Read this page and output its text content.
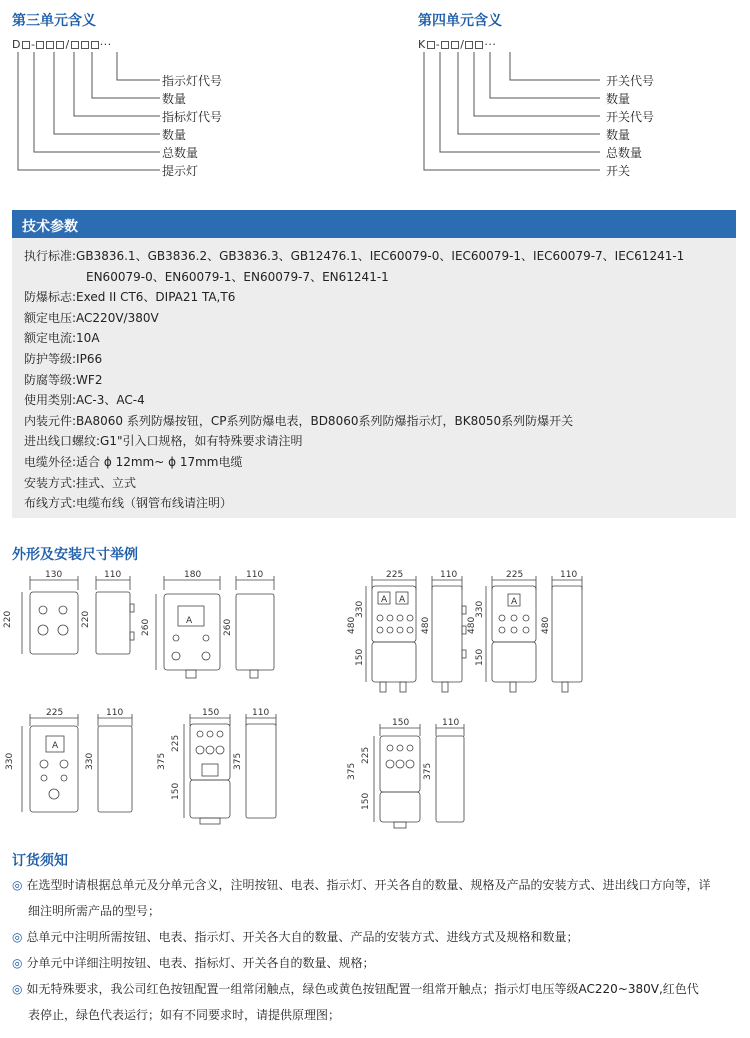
第三单元含义
D -	/	···
指示灯代号
数量
指标灯代号
数量
总数量
提示灯
第四单元含义
K - / ···
开关代号
数量
开关代号
数量
总数量
开关
技术参数
执行标准:GB3836.1、GB3836.2、GB3836.3、GB12476.1、IEC60079-0、IEC60079-1、IEC60079-7、IEC61241-1
EN60079-0、EN60079-1、EN60079-7、EN61241-1
防爆标志:Exed II CT6、DIPA21 TA,T6
额定电压:AC220V/380V
额定电流:10A
防护等级:IP66
防腐等级:WF2
使用类别:AC-3、AC-4
内装元件:BA8060 系列防爆按钮，CP系列防爆电表，BD8060系列防爆指示灯，BK8050系列防爆开关
进出线口螺纹:G1"引入口规格，如有特殊要求请注明
电缆外径:适合 ϕ 12mm~ ϕ 17mm电缆
安装方式:挂式、立式
布线方式:电缆布线（钢管布线请注明）
外形及安装尺寸举例
130	110
220	220
180	110
260	260
A
225	110
480
330
150
480
A A
225	110
480
330
150
480
A
225	110
330	330
A
150	110
375
225
150
375
150	110
375
225
150
375
订货须知
◎ 在选型时请根据总单元及分单元含义，注明按钮、电表、指示灯、开关各自的数量、规格及产品的安装方式、进出线口方向等，详
细注明所需产品的型号；
◎ 总单元中注明所需按钮、电表、指示灯、开关各大自的数量、产品的安装方式、进线方式及规格和数量；
◎ 分单元中详细注明按钮、电表、指标灯、开关各自的数量、规格；
◎ 如无特殊要求，我公司红色按钮配置一组常闭触点，绿色或黄色按钮配置一组常开触点；指示灯电压等级AC220~380V,红色代
表停止，绿色代表运行；如有不同要求时，请提供原理图；
